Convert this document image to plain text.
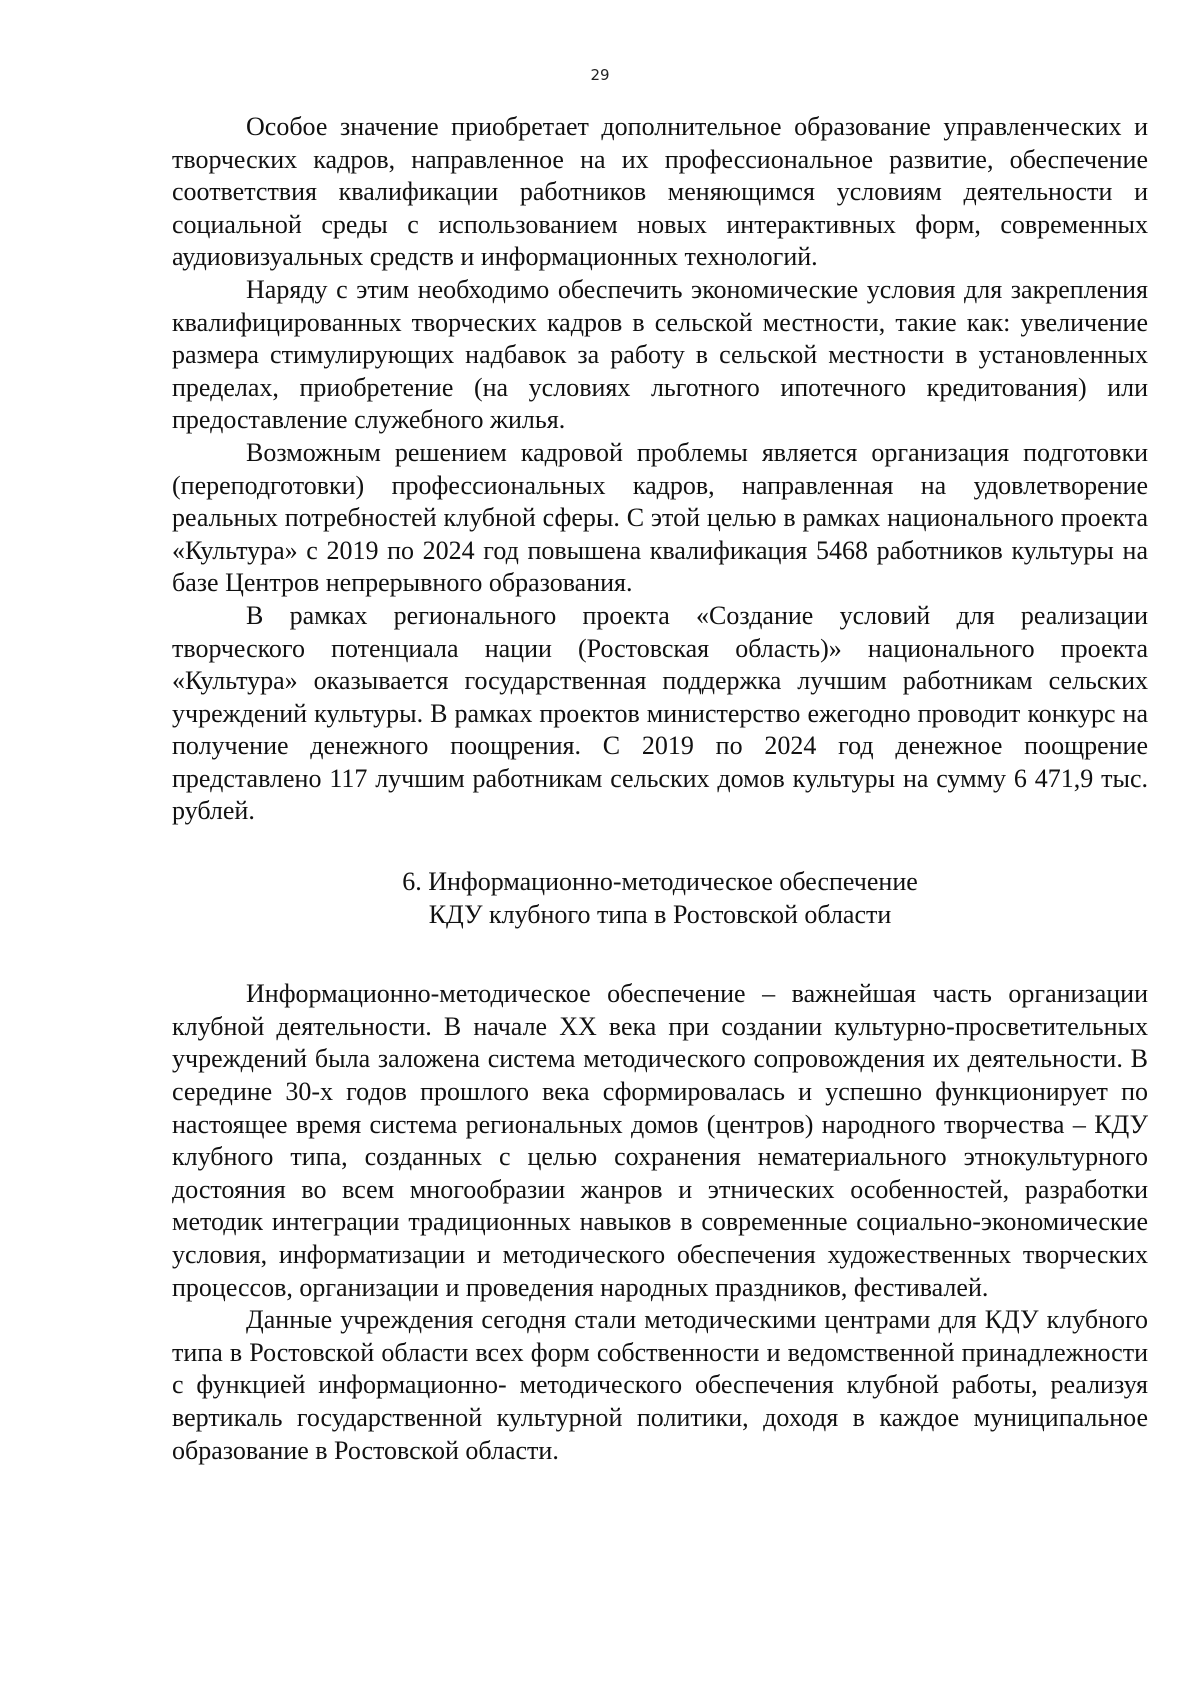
29

Особое значение приобретает дополнительное образование управленческих и творческих кадров, направленное на их профессиональное развитие, обеспечение соответствия квалификации работников меняющимся условиям деятельности и социальной среды с использованием новых интерактивных форм, современных аудиовизуальных средств и информационных технологий.

Наряду с этим необходимо обеспечить экономические условия для закрепления квалифицированных творческих кадров в сельской местности, такие как: увеличение размера стимулирующих надбавок за работу в сельской местности в установленных пределах, приобретение (на условиях льготного ипотечного кредитования) или предоставление служебного жилья.

Возможным решением кадровой проблемы является организация подготовки (переподготовки) профессиональных кадров, направленная на удовлетворение реальных потребностей клубной сферы. С этой целью в рамках национального проекта «Культура» с 2019 по 2024 год повышена квалификация 5468 работников культуры на базе Центров непрерывного образования.

В рамках регионального проекта «Создание условий для реализации творческого потенциала нации (Ростовская область)» национального проекта «Культура» оказывается государственная поддержка лучшим работникам сельских учреждений культуры. В рамках проектов министерство ежегодно проводит конкурс на получение денежного поощрения. С 2019 по 2024 год денежное поощрение представлено 117 лучшим работникам сельских домов культуры на сумму 6 471,9 тыс. рублей.

6. Информационно-методическое обеспечение
КДУ клубного типа в Ростовской области

Информационно-методическое обеспечение – важнейшая часть организации клубной деятельности. В начале XX века при создании культурно-просветительных учреждений была заложена система методического сопровождения их деятельности. В середине 30-х годов прошлого века сформировалась и успешно функционирует по настоящее время система региональных домов (центров) народного творчества – КДУ клубного типа, созданных с целью сохранения нематериального этнокультурного достояния во всем многообразии жанров и этнических особенностей, разработки методик интеграции традиционных навыков в современные социально-экономические условия, информатизации и методического обеспечения художественных творческих процессов, организации и проведения народных праздников, фестивалей.

Данные учреждения сегодня стали методическими центрами для КДУ клубного типа в Ростовской области всех форм собственности и ведомственной принадлежности с функцией информационно- методического обеспечения клубной работы, реализуя вертикаль государственной культурной политики, доходя в каждое муниципальное образование в Ростовской области.
